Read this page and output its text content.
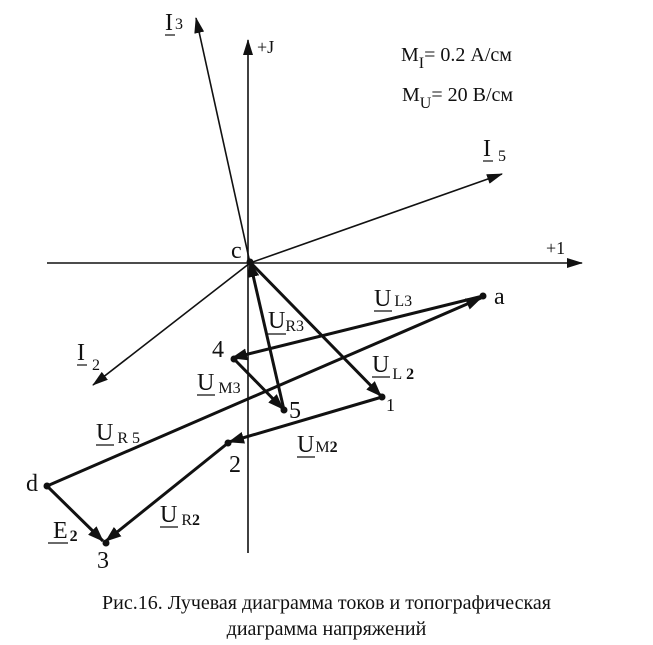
+1
+J	$M_I= 0.2$ А/см
$M_U= 20$ В/см
c
a
d
1
2
3
4
5
I 3
I $_5$
I $_2$
U L3
UR3
U M3
U $_L$ 2
U R 5	UM2
U R2
E 2
Рис.16. Лучевая диаграмма токов и топографическая
диаграмма напряжений
